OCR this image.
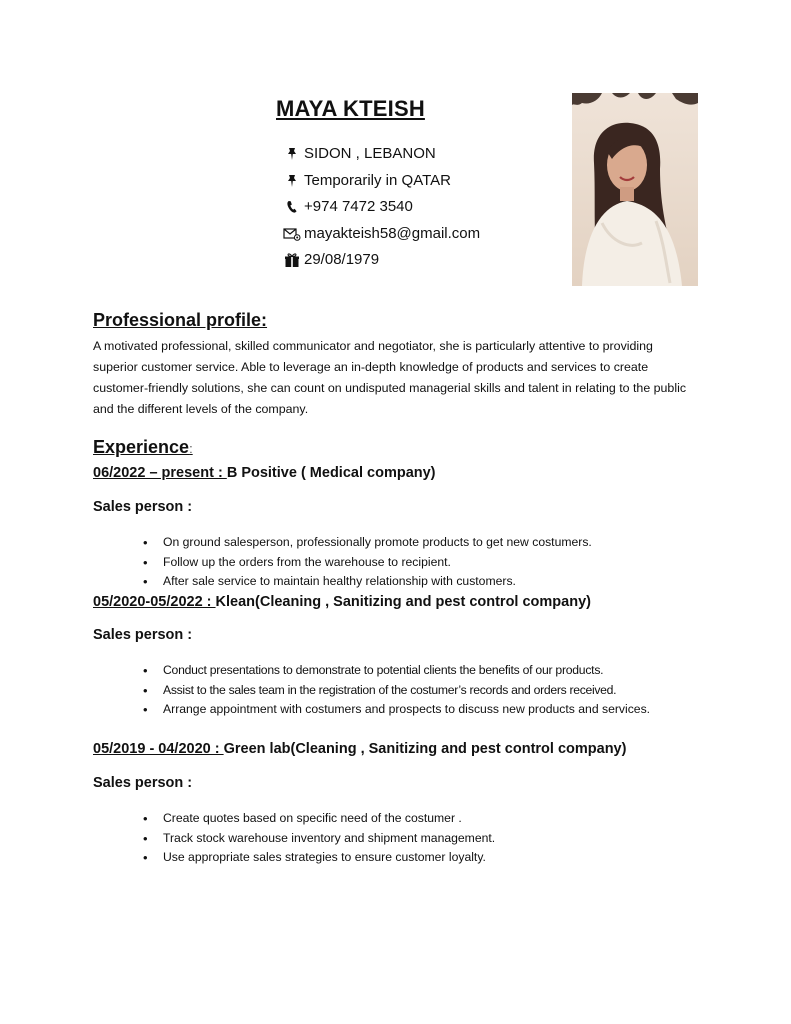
MAYA KTEISH
SIDON , LEBANON
Temporarily in QATAR
+974 7472 3540
mayakteish58@gmail.com
29/08/1979
Professional profile:
A motivated professional, skilled communicator and negotiator, she is particularly attentive to providing superior customer service. Able to leverage an in-depth knowledge of products and services to create customer-friendly solutions, she can count on undisputed managerial skills and talent in relating to the public and the different levels of the company.
Experience:
06/2022 – present : B Positive ( Medical company)
Sales person :
• On ground salesperson, professionally promote products to get new costumers.
• Follow up the orders from the warehouse to recipient.
• After sale service to maintain healthy relationship with customers.
05/2020-05/2022 : Klean(Cleaning , Sanitizing and pest control company)
Sales person :
• Conduct presentations to demonstrate to potential clients the benefits of our products.
• Assist to the sales team in the registration of the costumer’s records and orders received.
• Arrange appointment with costumers and prospects to discuss new products and services.
05/2019 - 04/2020 : Green lab(Cleaning , Sanitizing and pest control company)
Sales person :
• Create quotes based on specific need of the costumer .
• Track stock warehouse inventory and shipment management.
• Use appropriate sales strategies to ensure customer loyalty.
